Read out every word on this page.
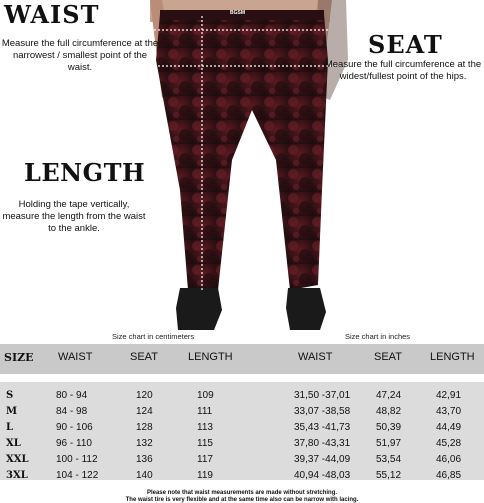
WAIST
Measure the full circumference at the narrowest / smallest point of the waist.
SEAT
Measure the full circumference at the widest/fullest point of the hips.
LENGTH
Holding the tape vertically, measure the length from the waist to the ankle.
BGSM
Size chart in centimeters	Size chart in inches
SIZE WAIST	SEAT	LENGTH	WAIST	SEAT	LENGTH
S	80 - 94	120	109	31,50 -37,01	47,24	42,91
M	84 - 98	124	111	33,07 -38,58	48,82	43,70
L	90 - 106	128	113	35,43 -41,73	50,39	44,49
XL	96 - 110	132	115	37,80 -43,31	51,97	45,28
XXL	100 - 112	136	117	39,37 -44,09	53,54	46,06
3XL	104 - 122	140	119	40,94 -48,03	55,12	46,85
Please note that waist measurements are made without stretching.
The waist tire is very flexible and at the same time also can be narrow with lacing.
